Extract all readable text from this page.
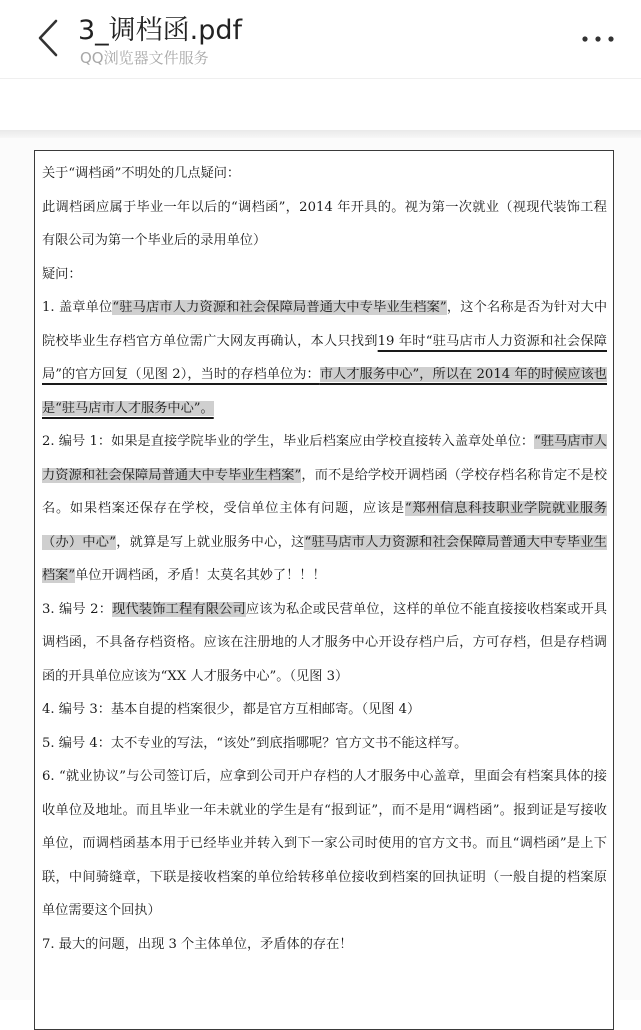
3_调档函.pdf
QQ浏览器文件服务

关于“调档函”不明处的几点疑问：

此调档函应属于毕业一年以后的“调档函”，2014 年开具的。视为第一次就业（视现代装饰工程有限公司为第一个毕业后的录用单位）

疑问：

1. 盖章单位“驻马店市人力资源和社会保障局普通大中专毕业生档案”，这个名称是否为针对大中院校毕业生存档官方单位需广大网友再确认，本人只找到19 年时“驻马店市人力资源和社会保障局”的官方回复（见图 2），当时的存档单位为：市人才服务中心”，所以在 2014 年的时候应该也是“驻马店市人才服务中心”。

2. 编号 1：如果是直接学院毕业的学生，毕业后档案应由学校直接转入盖章处单位：“驻马店市人力资源和社会保障局普通大中专毕业生档案”，而不是给学校开调档函（学校存档名称肯定不是校名。如果档案还保存在学校，受信单位主体有问题，应该是“郑州信息科技职业学院就业服务（办）中心”，就算是写上就业服务中心，这“驻马店市人力资源和社会保障局普通大中专毕业生档案”单位开调档函，矛盾！太莫名其妙了！！！

3. 编号 2：现代装饰工程有限公司应该为私企或民营单位，这样的单位不能直接接收档案或开具调档函，不具备存档资格。应该在注册地的人才服务中心开设存档户后，方可存档，但是存档调函的开具单位应该为“XX 人才服务中心”。（见图 3）

4. 编号 3：基本自提的档案很少，都是官方互相邮寄。（见图 4）

5. 编号 4：太不专业的写法，“该处”到底指哪呢？官方文书不能这样写。

6. “就业协议”与公司签订后，应拿到公司开户存档的人才服务中心盖章，里面会有档案具体的接收单位及地址。而且毕业一年未就业的学生是有“报到证”，而不是用“调档函”。报到证是写接收单位，而调档函基本用于已经毕业并转入到下一家公司时使用的官方文书。而且“调档函”是上下联，中间骑缝章，下联是接收档案的单位给转移单位接收到档案的回执证明（一般自提的档案原单位需要这个回执）

7. 最大的问题，出现 3 个主体单位，矛盾体的存在！
